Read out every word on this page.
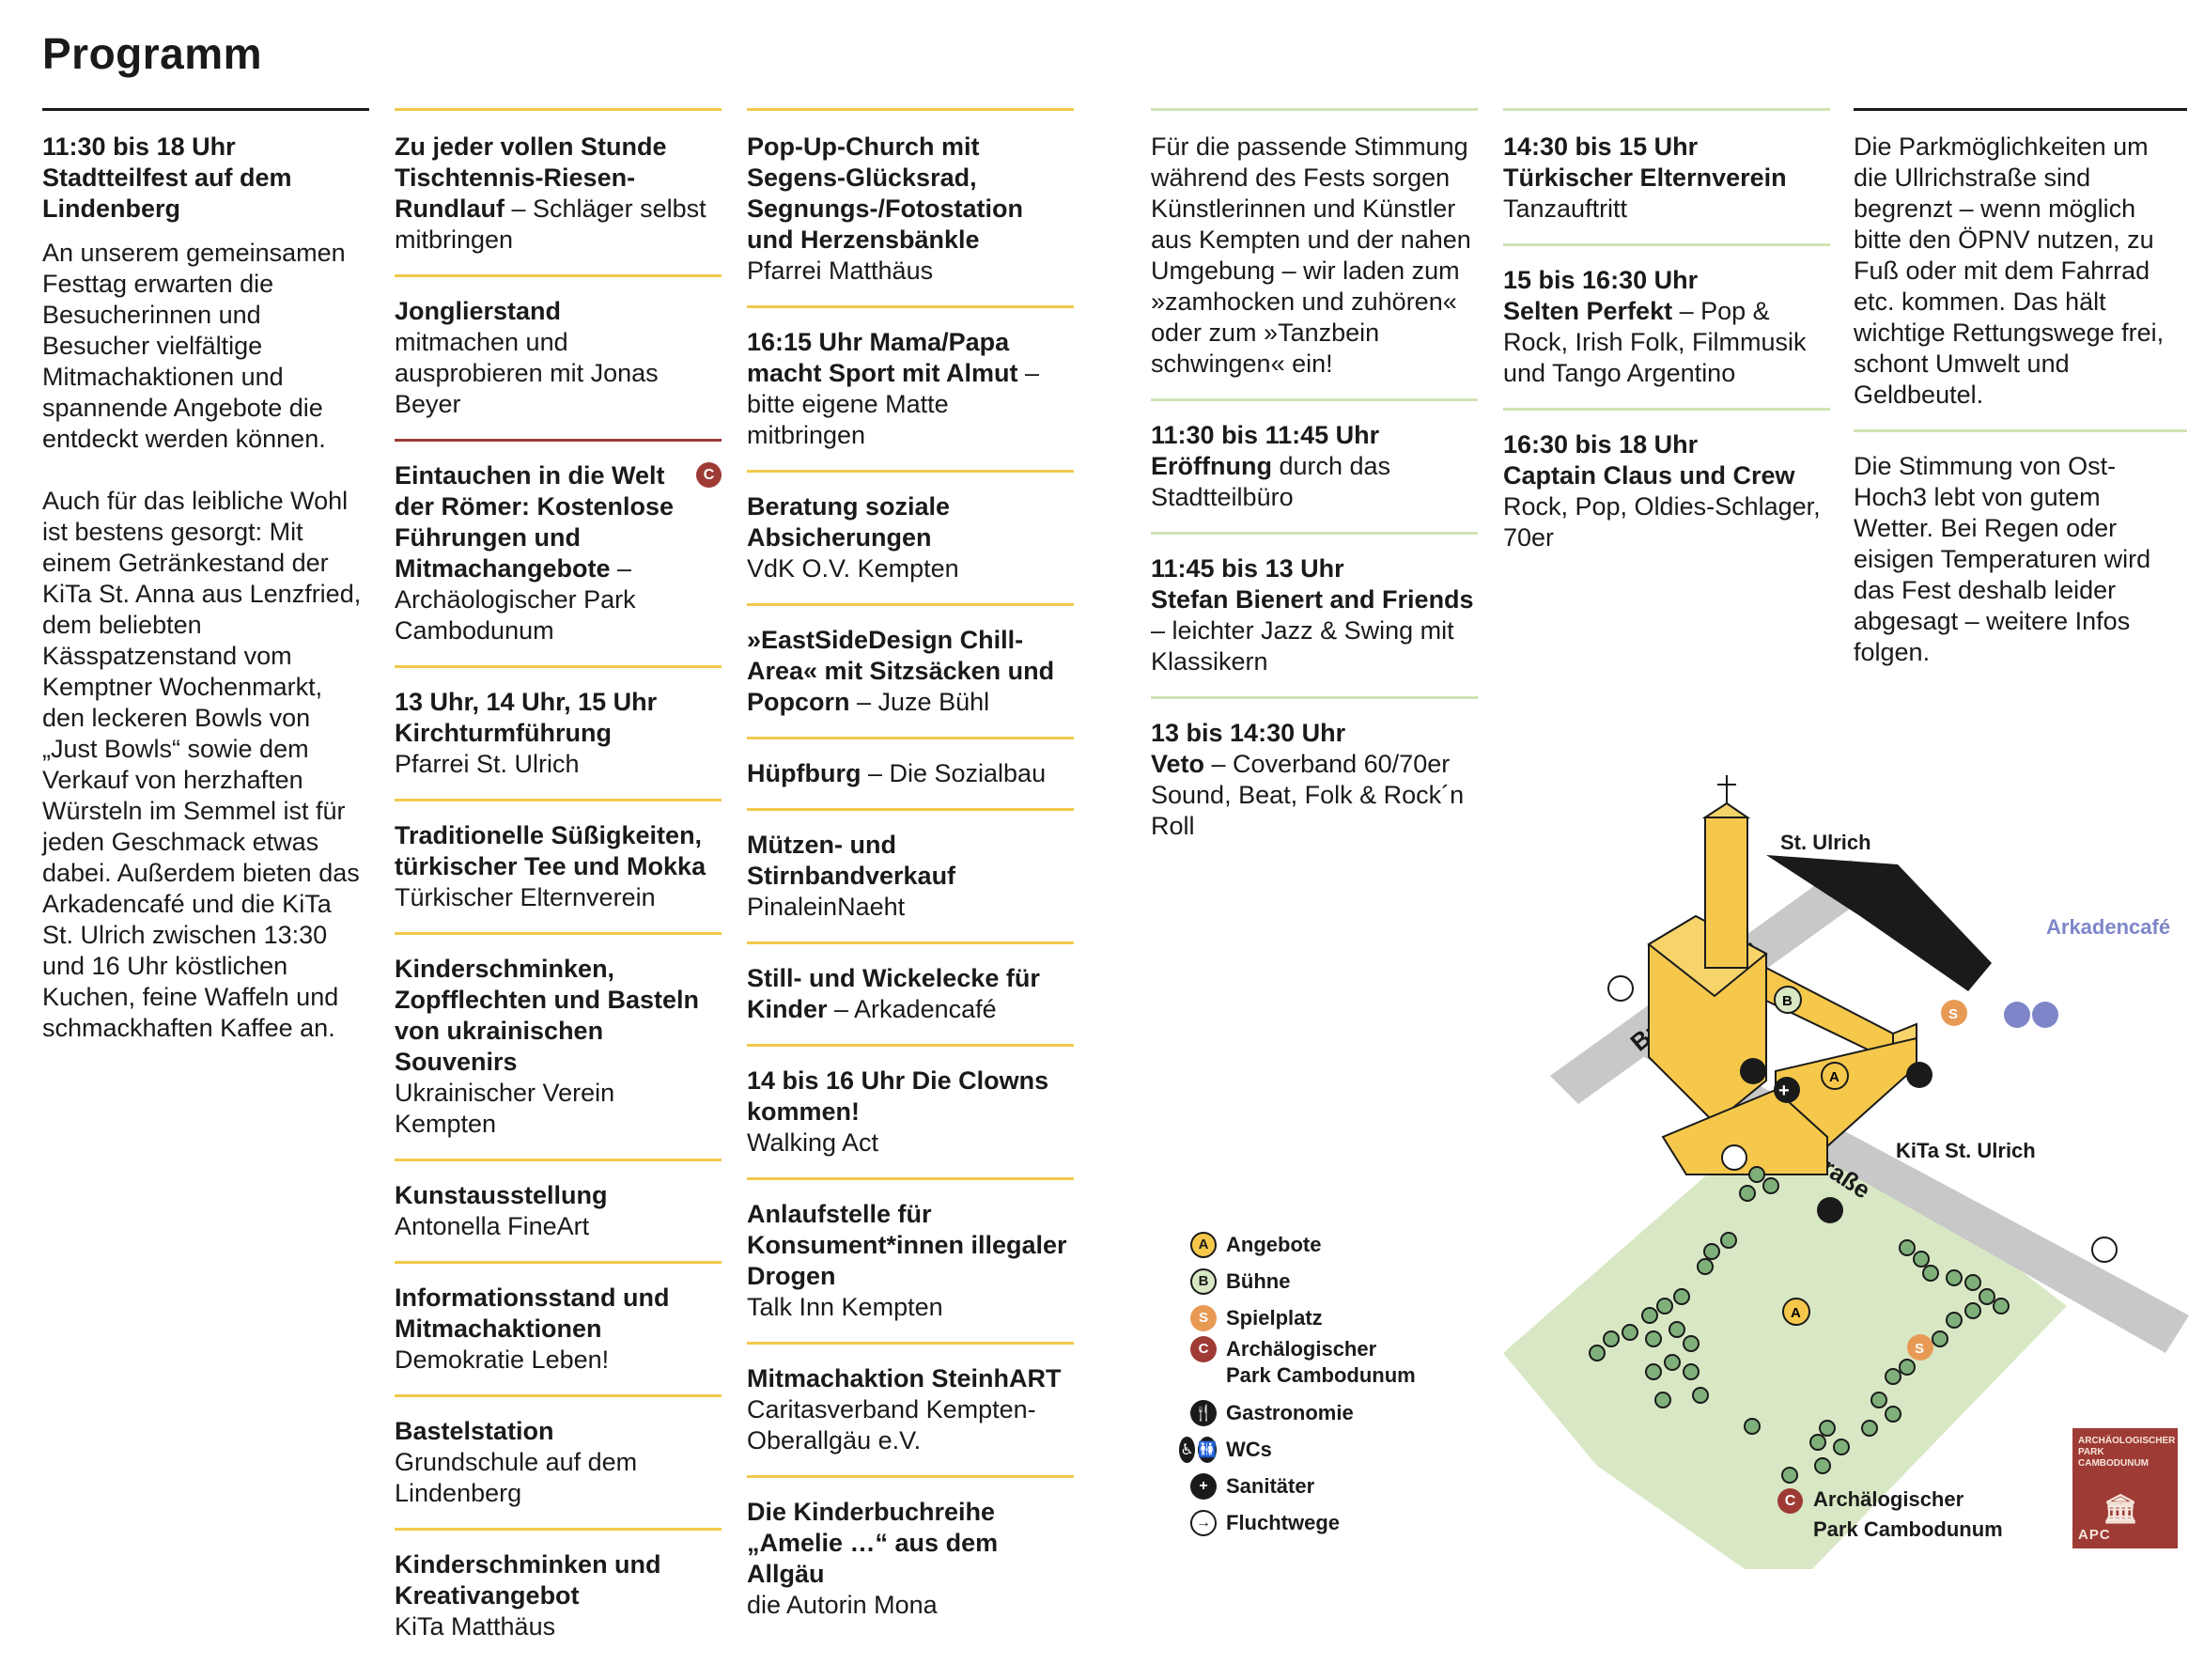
Programm
11:30 bis 18 Uhr
Stadtteilfest auf dem
Lindenberg

An unserem gemeinsamen Festtag erwarten die Besucherinnen und Besucher vielfältige Mitmachaktionen und spannende Angebote die entdeckt werden können.

Auch für das leibliche Wohl ist bestens gesorgt: Mit einem Getränkestand der KiTa St. Anna aus Lenzfried, dem beliebten Kässpatzenstand vom Kemptner Wochenmarkt, den leckeren Bowls von „Just Bowls“ sowie dem Verkauf von herzhaften Würsteln im Semmel ist für jeden Geschmack etwas dabei. Außerdem bieten das Arkadencafé und die KiTa St. Ulrich zwischen 13:30 und 16 Uhr köstlichen Kuchen, feine Waffeln und schmackhaften Kaffee an.

Zu jeder vollen Stunde Tischtennis-Riesen-Rundlauf – Schläger selbst mitbringen
Jonglierstand
mitmachen und ausprobieren mit Jonas Beyer
Eintauchen in die Welt der Römer: Kostenlose Führungen und Mitmachangebote – Archäologischer Park Cambodunum
C
13 Uhr, 14 Uhr, 15 Uhr Kirchturmführung
Pfarrei St. Ulrich
Traditionelle Süßigkeiten, türkischer Tee und Mokka
Türkischer Elternverein
Kinderschminken, Zopfflechten und Basteln von ukrainischen Souvenirs
Ukrainischer Verein Kempten
Kunstausstellung
Antonella FineArt
Informationsstand und Mitmachaktionen
Demokratie Leben!
Bastelstation
Grundschule auf dem Lindenberg
Kinderschminken und Kreativangebot
KiTa Matthäus
Pop-Up-Church mit Segens-Glücksrad, Segnungs-/Fotostation und Herzensbänkle
Pfarrei Matthäus
16:15 Uhr Mama/Papa macht Sport mit Almut – bitte eigene Matte mitbringen
Beratung soziale Absicherungen
VdK O.V. Kempten
»EastSideDesign Chill-Area« mit Sitzsäcken und Popcorn – Juze Bühl
Hüpfburg – Die Sozialbau
Mützen- und Stirnbandverkauf
PinaleinNaeht
Still- und Wickelecke für Kinder – Arkadencafé
14 bis 16 Uhr Die Clowns kommen!
Walking Act
Anlaufstelle für Konsument*innen illegaler Drogen
Talk Inn Kempten
Mitmachaktion SteinhART
Caritasverband Kempten-Oberallgäu e.V.
Die Kinderbuchreihe „Amelie …“ aus dem Allgäu
die Autorin Mona
Für die passende Stimmung während des Fests sorgen Künstlerinnen und Künstler aus Kempten und der nahen Umgebung – wir laden zum »zamhocken und zuhören« oder zum »Tanzbein schwingen« ein!
11:30 bis 11:45 Uhr
Eröffnung durch das Stadtteilbüro
11:45 bis 13 Uhr
Stefan Bienert and Friends – leichter Jazz & Swing mit Klassikern
13 bis 14:30 Uhr
Veto – Coverband 60/70er Sound, Beat, Folk & Rock´n Roll
14:30 bis 15 Uhr
Türkischer Elternverein
Tanzauftritt
15 bis 16:30 Uhr
Selten Perfekt – Pop & Rock, Irish Folk, Filmmusik und Tango Argentino
16:30 bis 18 Uhr
Captain Claus und Crew
Rock, Pop, Oldies-Schlager, 70er
Die Parkmöglichkeiten um die Ullrichstraße sind begrenzt – wenn möglich bitte den ÖPNV nutzen, zu Fuß oder mit dem Fahrrad etc. kommen. Das hält wichtige Rettungswege frei, schont Umwelt und Geldbeutel.
Die Stimmung von Ost-Hoch3 lebt von gutem Wetter. Bei Regen oder eisigen Temperaturen wird das Fest deshalb leider abgesagt – weitere Infos folgen.
St. Ulrich
Arkadencafé
KiTa St. Ulrich
B
A
A
S
S
+
A Angebote
B Bühne
S Spielplatz
C Archälogischer
Park Cambodunum
🍴 Gastronomie
♿ 🚻 WCs
+ Sanitäter
→ Fluchtwege
ARCHÄOLOGISCHER PARK CAMBODUNUM
🏛
APC
C Archälogischer
Park Cambodunum
